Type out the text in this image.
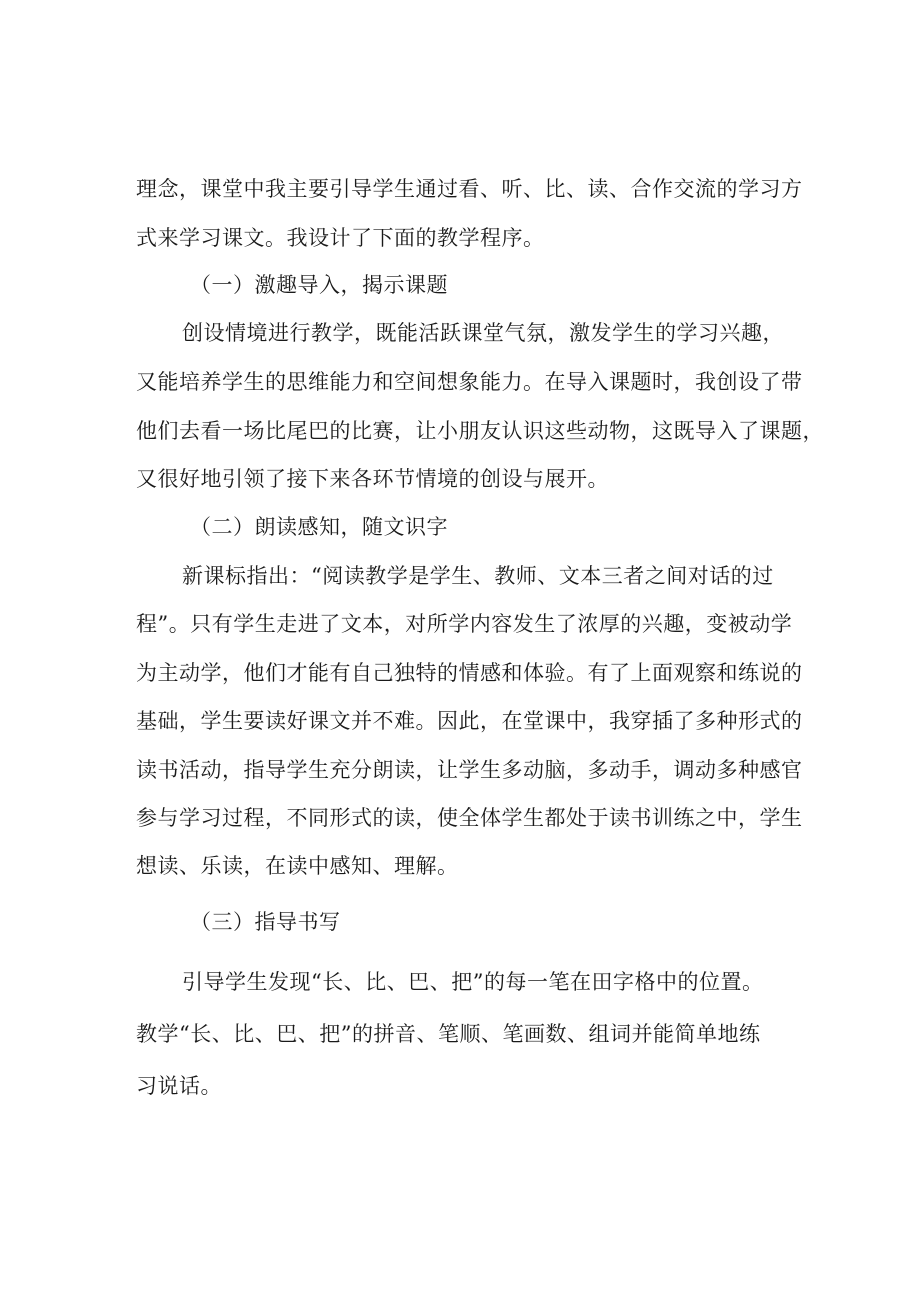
理念，课堂中我主要引导学生通过看、听、比、读、合作交流的学习方
式来学习课文。我设计了下面的教学程序。
（一）激趣导入，揭示课题
创设情境进行教学，既能活跃课堂气氛，激发学生的学习兴趣，
又能培养学生的思维能力和空间想象能力。在导入课题时，我创设了带
他们去看一场比尾巴的比赛，让小朋友认识这些动物，这既导入了课题，
又很好地引领了接下来各环节情境的创设与展开。
（二）朗读感知，随文识字
新课标指出：“阅读教学是学生、教师、文本三者之间对话的过
程”。只有学生走进了文本，对所学内容发生了浓厚的兴趣，变被动学
为主动学，他们才能有自己独特的情感和体验。有了上面观察和练说的
基础，学生要读好课文并不难。因此，在堂课中，我穿插了多种形式的
读书活动，指导学生充分朗读，让学生多动脑，多动手，调动多种感官
参与学习过程，不同形式的读，使全体学生都处于读书训练之中，学生
想读、乐读，在读中感知、理解。
（三）指导书写
引导学生发现“长、比、巴、把”的每一笔在田字格中的位置。
教学“长、比、巴、把”的拼音、笔顺、笔画数、组词并能简单地练
习说话。
